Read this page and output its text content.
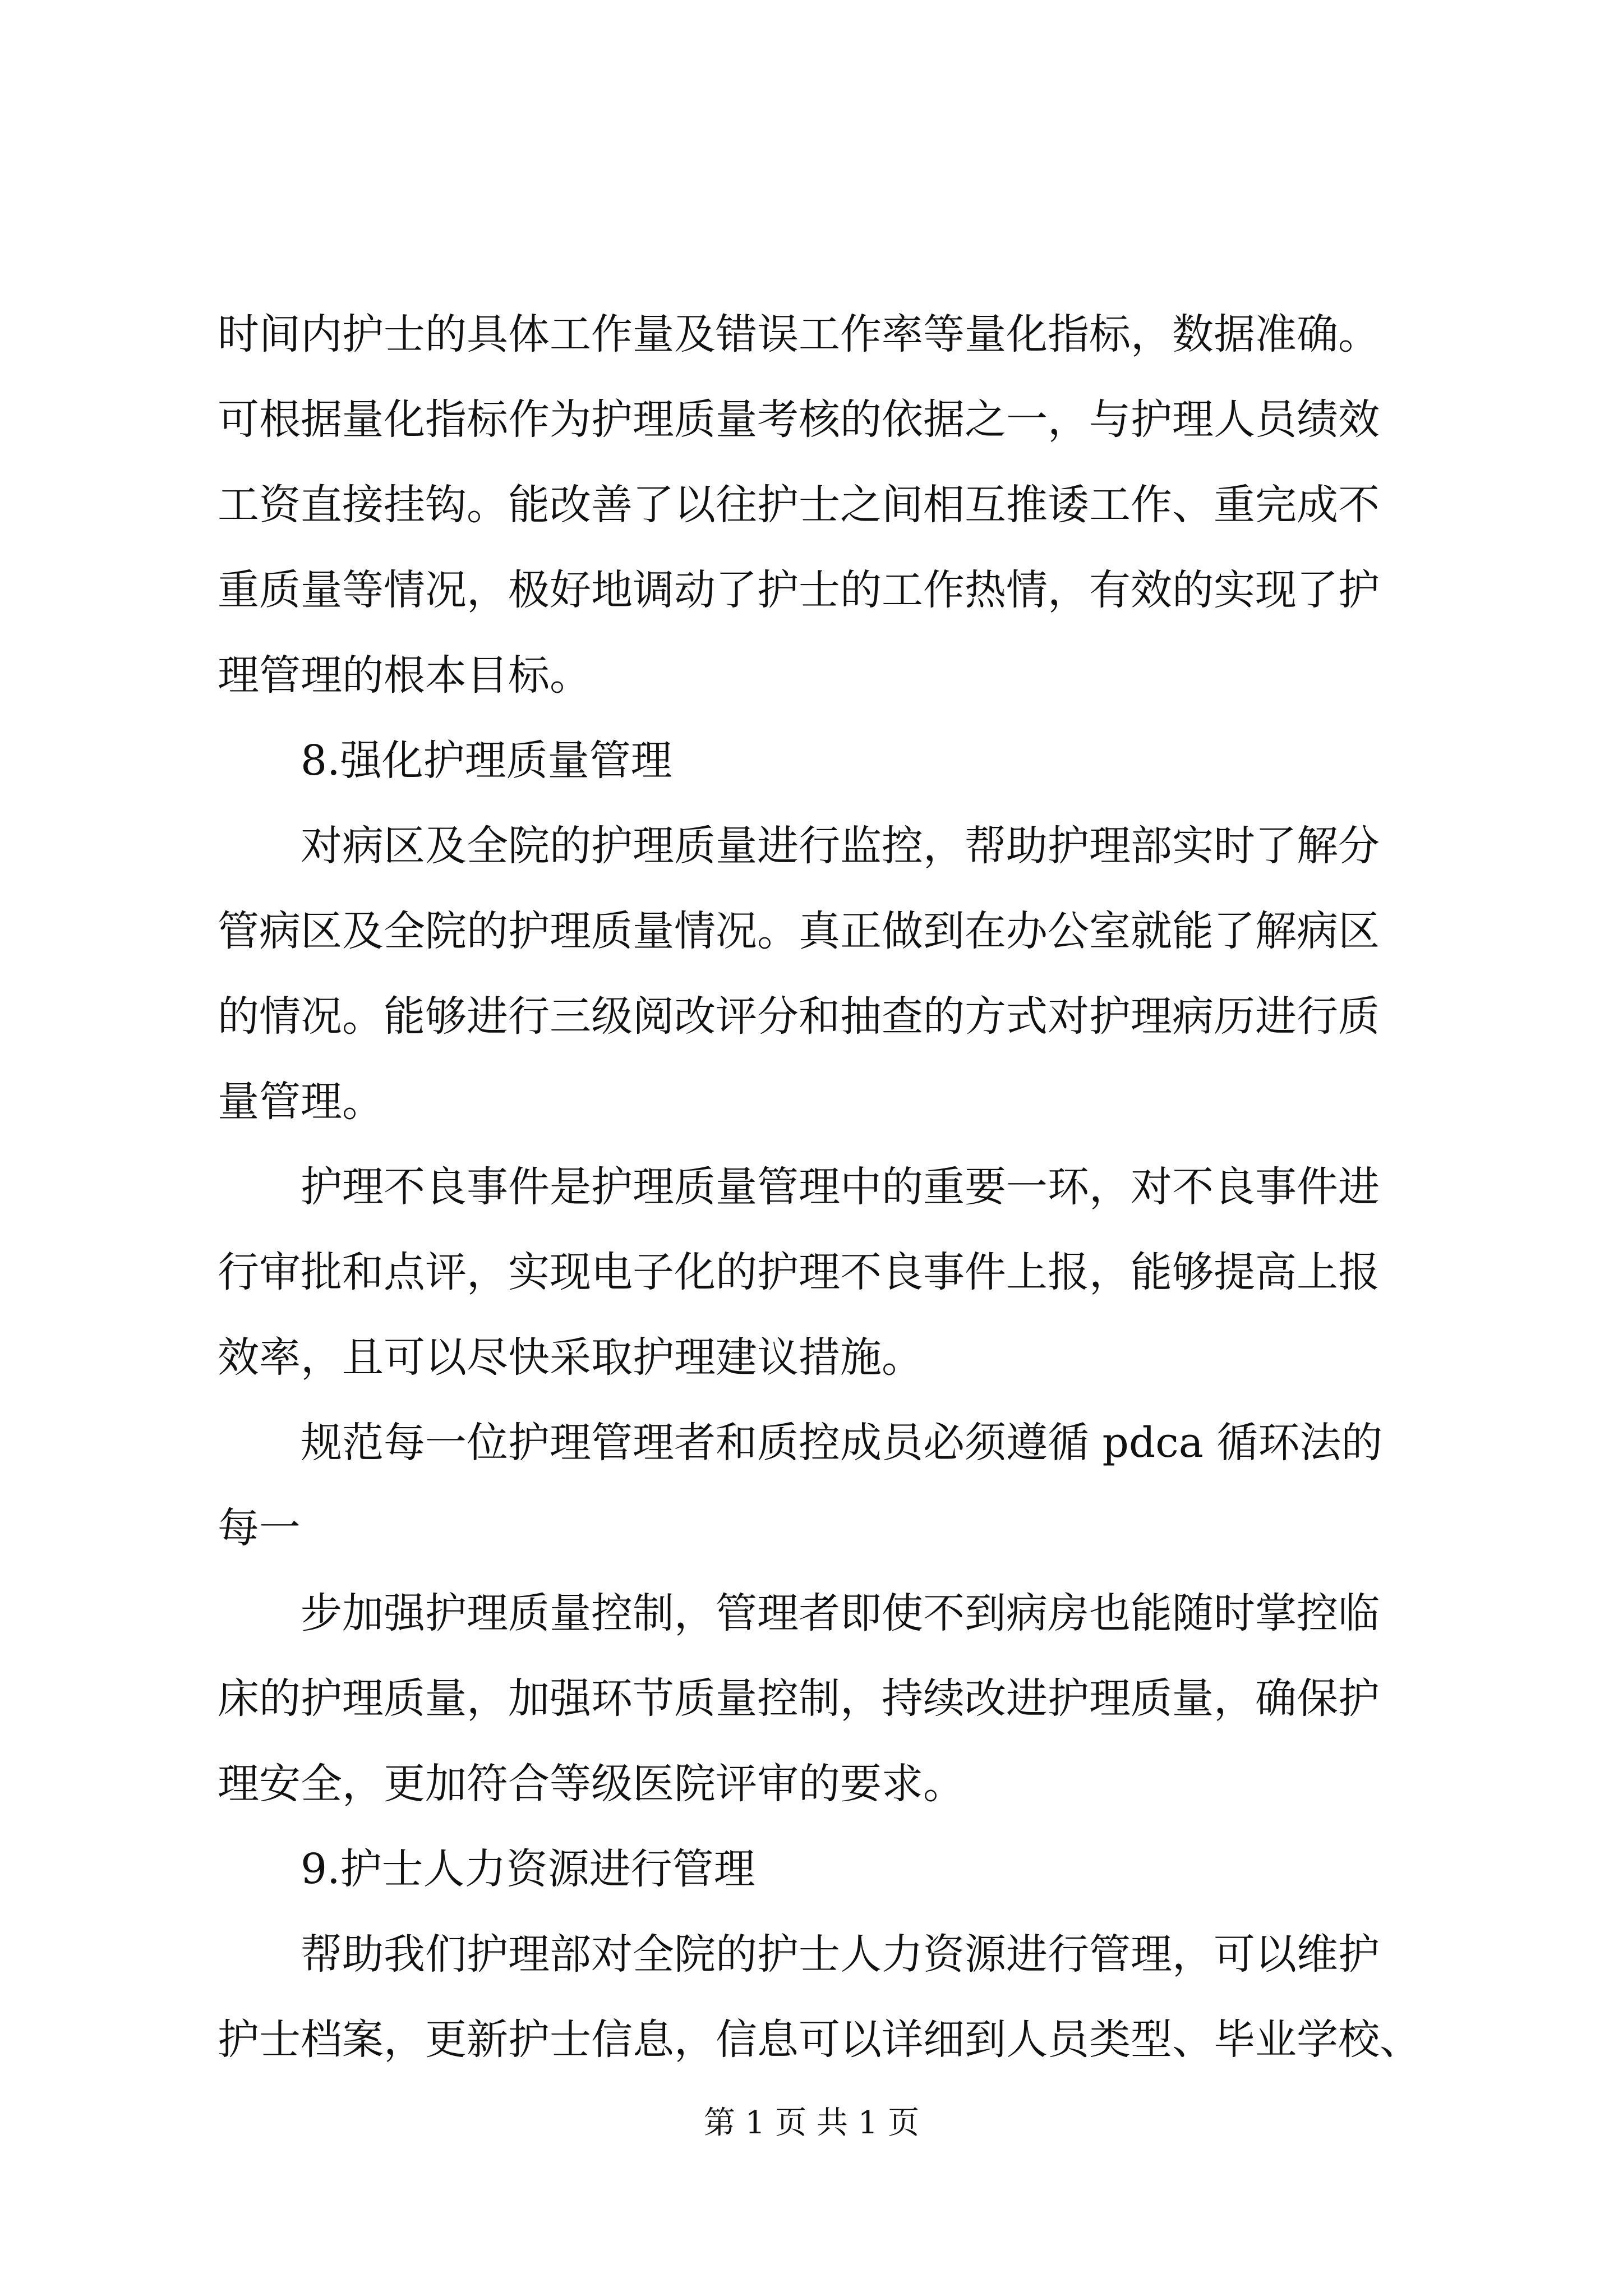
时间内护士的具体工作量及错误工作率等量化指标，数据准确。
可根据量化指标作为护理质量考核的依据之一，与护理人员绩效
工资直接挂钩。能改善了以往护士之间相互推诿工作、重完成不
重质量等情况，极好地调动了护士的工作热情，有效的实现了护
理管理的根本目标。
　　8.强化护理质量管理
　　对病区及全院的护理质量进行监控，帮助护理部实时了解分
管病区及全院的护理质量情况。真正做到在办公室就能了解病区
的情况。能够进行三级阅改评分和抽查的方式对护理病历进行质
量管理。
　　护理不良事件是护理质量管理中的重要一环，对不良事件进
行审批和点评，实现电子化的护理不良事件上报，能够提高上报
效率，且可以尽快采取护理建议措施。
　　规范每一位护理管理者和质控成员必须遵循 pdca 循环法的
每一
　　步加强护理质量控制，管理者即使不到病房也能随时掌控临
床的护理质量，加强环节质量控制，持续改进护理质量，确保护
理安全，更加符合等级医院评审的要求。
　　9.护士人力资源进行管理
　　帮助我们护理部对全院的护士人力资源进行管理，可以维护
护士档案，更新护士信息，信息可以详细到人员类型、毕业学校、
第 1 页 共 1 页
